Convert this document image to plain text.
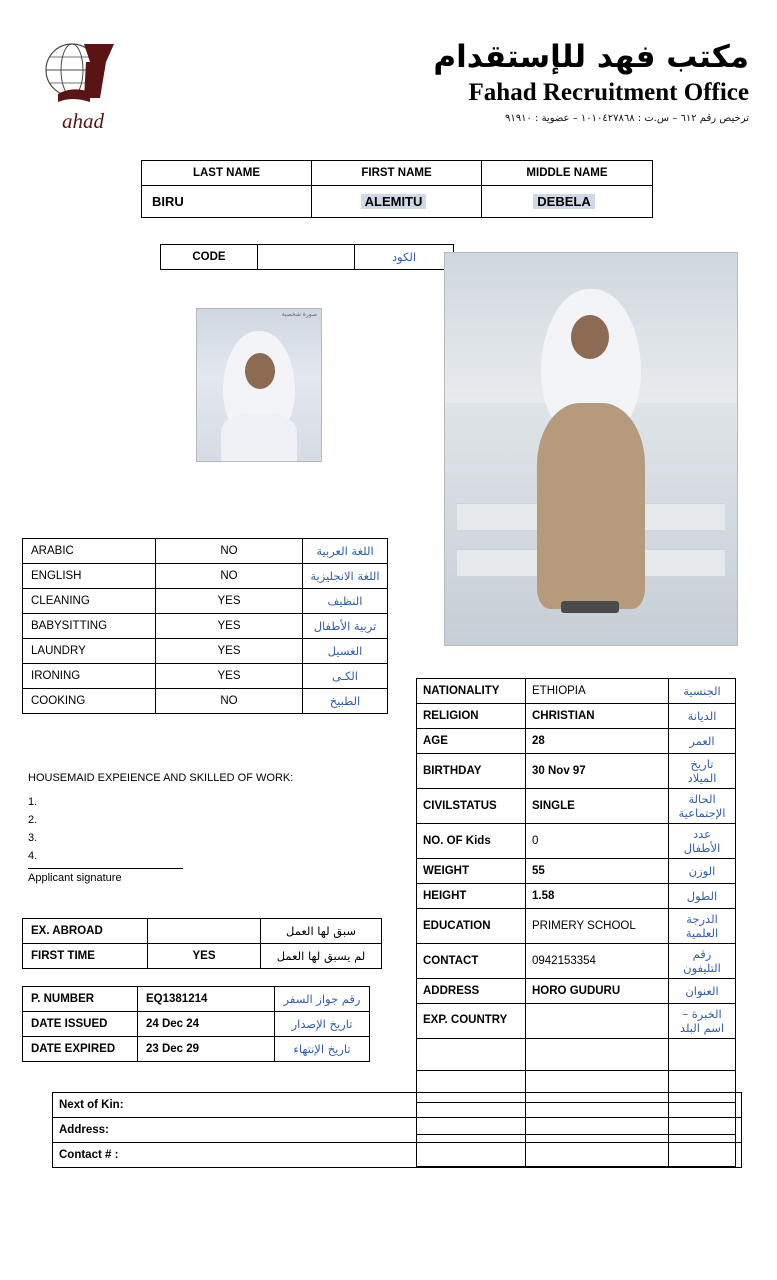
ahad
مكتب فهد للإستقدام
Fahad Recruitment Office
ترخيص رقم ٦١٢ – س.ت : ١٠١٠٤٢٧٨٦٨ – عضوية : ٩١٩١٠
LAST NAME	FIRST NAME	MIDDLE NAME
BIRU	ALEMITU	DEBELA
CODE		الكود
صورة شخصية
ARABIC	NO	اللغة العربية
ENGLISH	NO	اللغة الانجليزية
CLEANING	YES	النظيف
BABYSITTING	YES	تربية الأطفال
LAUNDRY	YES	الغسيل
IRONING	YES	الكـى
COOKING	NO	الطبيخ
HOUSEMAID EXPEIENCE AND SKILLED OF WORK:
1.
2.
3.
4.
Applicant signature
EX. ABROAD		سبق لها العمل
FIRST TIME	YES	لم يسبق لها العمل
P. NUMBER	EQ1381214	رقم جواز السفر
DATE ISSUED	24 Dec 24	تاريخ الإصدار
DATE EXPIRED	23 Dec 29	تاريخ الإنتهاء
NATIONALITY	ETHIOPIA	الجنسية
RELIGION	CHRISTIAN	الديانة
AGE	28	العمر
BIRTHDAY	30 Nov 97	تاريخ الميلاد
CIVILSTATUS	SINGLE	الحالة الإجتماعية
NO. OF Kids	0	عدد الأطفال
WEIGHT	55	الوزن
HEIGHT	1.58	الطول
EDUCATION	PRIMERY SCHOOL	الدرجة العلمية
CONTACT	0942153354	رقم التليفون
ADDRESS	HORO GUDURU	العنوان
EXP. COUNTRY		الخبرة – اسم البلد

Next of Kin:
Address:
Contact # :
